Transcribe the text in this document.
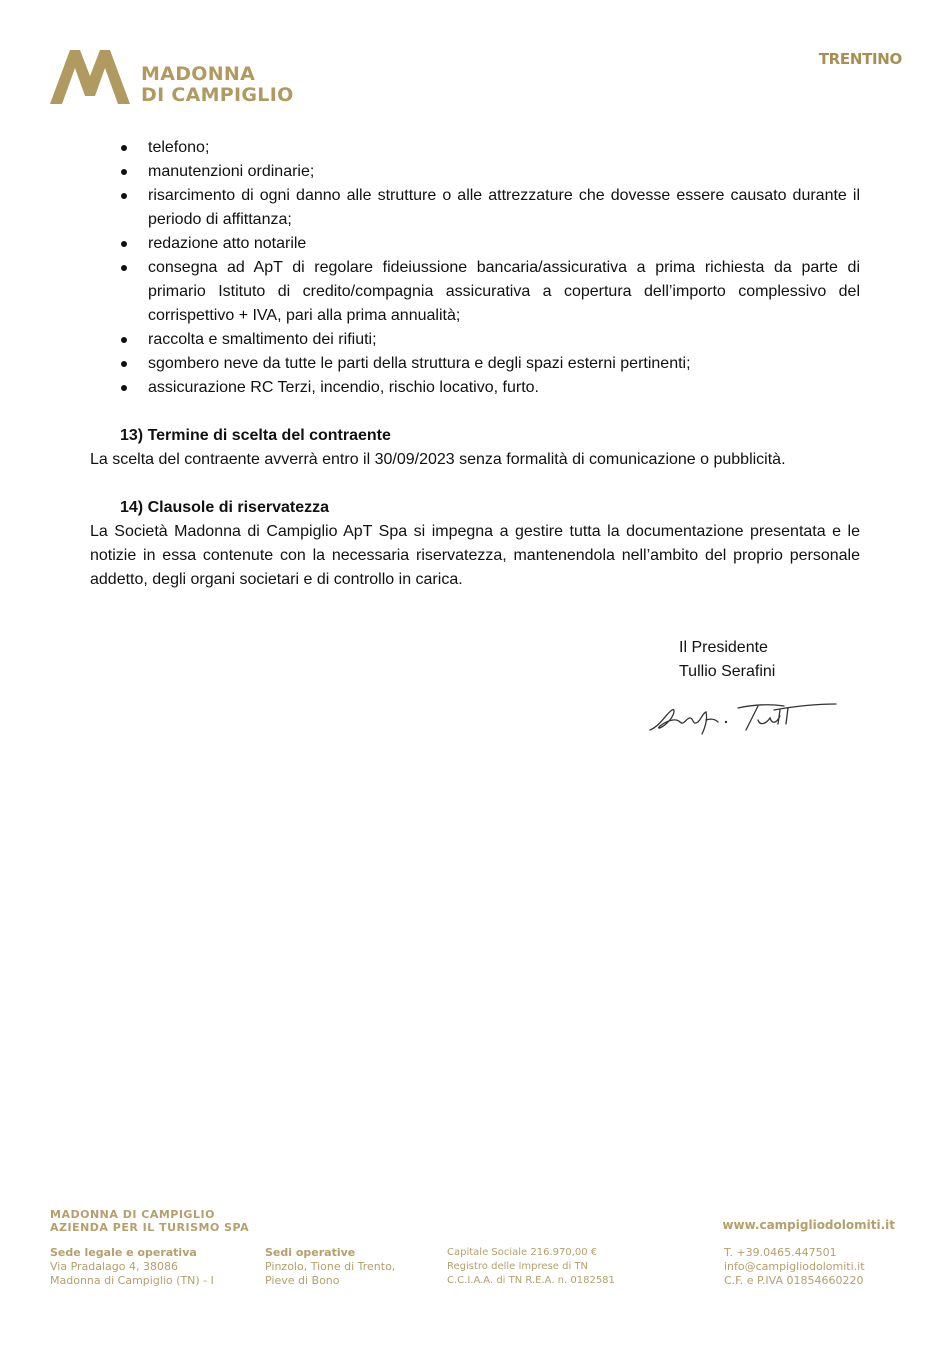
MADONNA
DI CAMPIGLIO
TRENTINO
telefono;
manutenzioni ordinarie;
risarcimento di ogni danno alle strutture o alle attrezzature che dovesse essere causato durante il periodo di affittanza;
redazione atto notarile
consegna ad ApT di regolare fideiussione bancaria/assicurativa a prima richiesta da parte di primario Istituto di credito/compagnia assicurativa a copertura dell’importo complessivo del corrispettivo + IVA, pari alla prima annualità;
raccolta e smaltimento dei rifiuti;
sgombero neve da tutte le parti della struttura e degli spazi esterni pertinenti;
assicurazione RC Terzi, incendio, rischio locativo, furto.
13) Termine di scelta del contraente
La scelta del contraente avverrà entro il 30/09/2023 senza formalità di comunicazione o pubblicità.
14) Clausole di riservatezza
La Società Madonna di Campiglio ApT Spa si impegna a gestire tutta la documentazione presentata e le notizie in essa contenute con la necessaria riservatezza, mantenendola nell’ambito del proprio personale addetto, degli organi societari e di controllo in carica.
Il Presidente
Tullio Serafini
MADONNA DI CAMPIGLIO
AZIENDA PER IL TURISMO SPA	www.campigliodolomiti.it
Sede legale e operativa
Via Pradalago 4, 38086
Madonna di Campiglio (TN) - I
Sedi operative
Pinzolo, Tione di Trento,
Pieve di Bono
Capitale Sociale 216.970,00 €
Registro delle Imprese di TN
C.C.I.A.A. di TN R.E.A. n. 0182581
T. +39.0465.447501
info@campigliodolomiti.it
C.F. e P.IVA 01854660220
